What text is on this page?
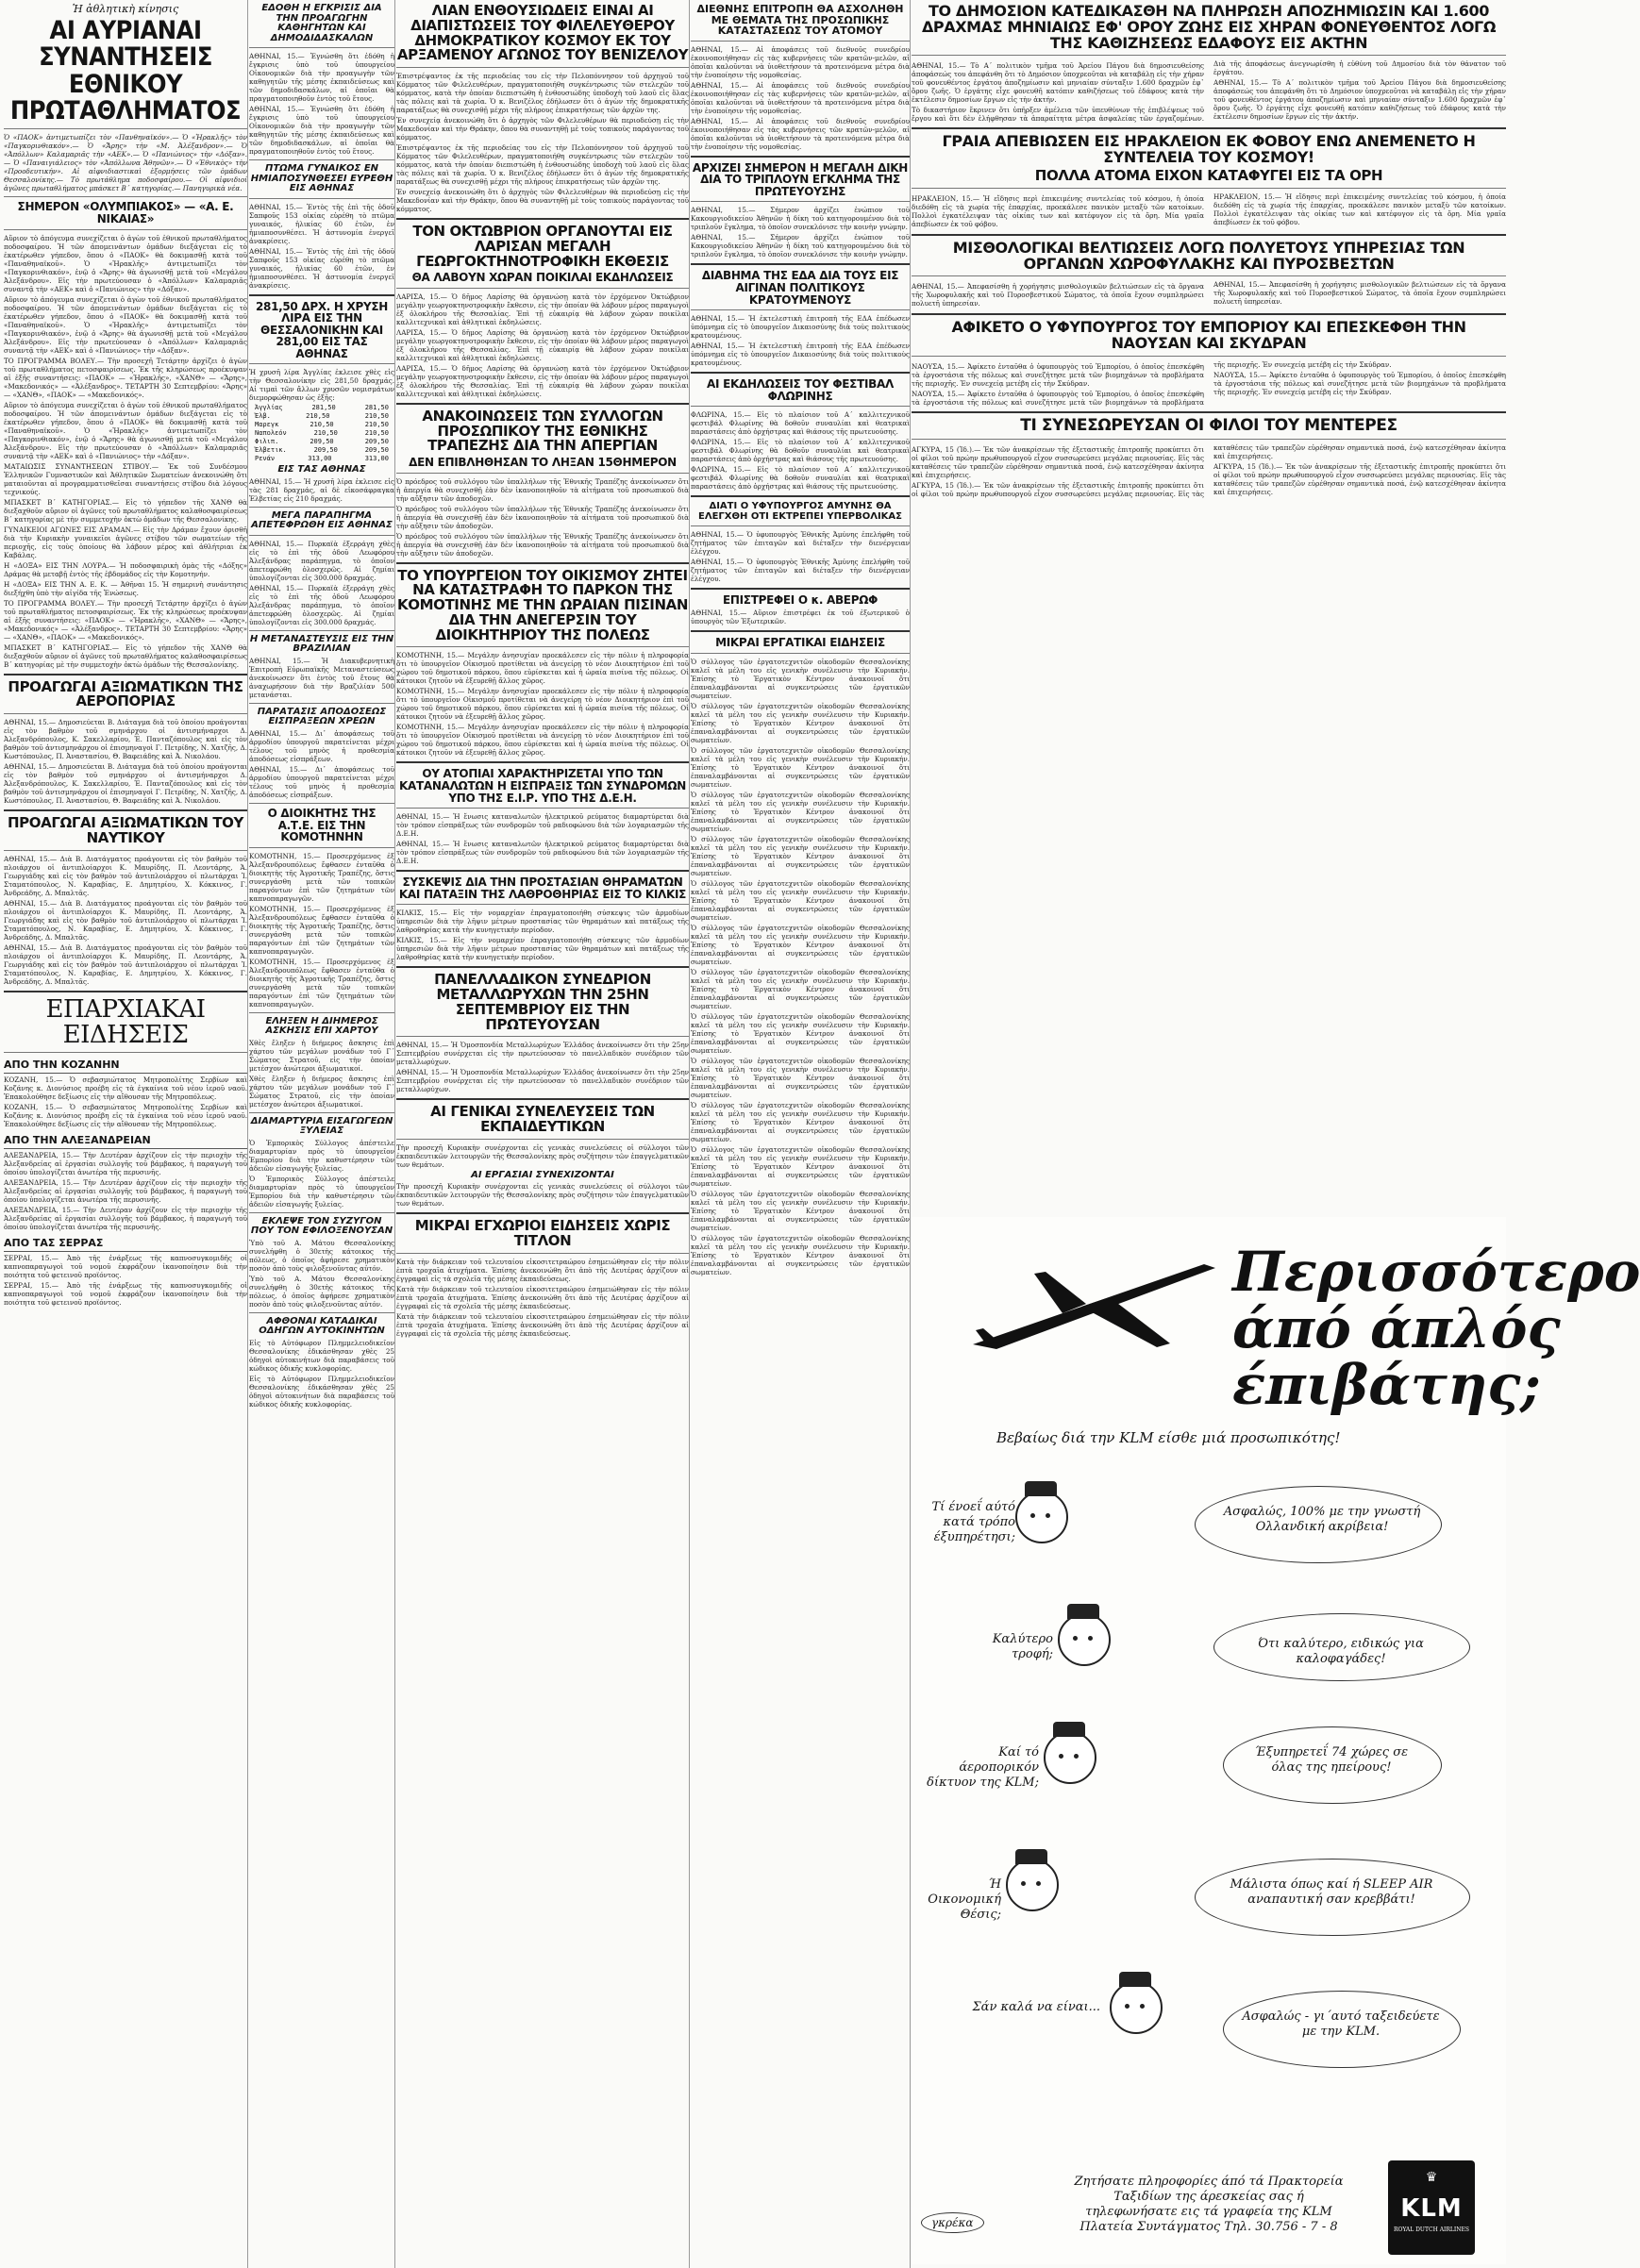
Ἡ ἀθλητικὴ κίνησις
ΑΙ ΑΥΡΙΑΝΑΙ ΣΥΝΑΝΤΗΣΕΙΣ ΕΘΝΙΚΟΥ ΠΡΩΤΑΘΛΗΜΑΤΟΣ

Ὁ «ΠΑΟΚ» ἀντιμετωπίζει τὸν «Πανθηναϊκόν».— Ὁ «Ἡρακλῆς» τὸν «Παγκορινθιακόν».— Ὁ «Ἄρης» τὴν «Μ. Ἀλέξανδρον».— Ὁ «Ἀπόλλων» Καλαμαριᾶς τὴν «ΑΕΚ».— Ὁ «Πανιώνιος» τὴν «Δόξαν».— Ὁ «Παναιγιάλειος» τὸν «Ἀπόλλωνα Ἀθηνῶν».— Ὁ «Ἐθνικὸς» τὴν «Προοδευτικήν». Αἱ αἰφνιδιαστικαὶ ἐξορμήσεις τῶν ὁμάδων Θεσσαλονίκης.— Τὸ πρωτάθλημα ποδοσφαίρου.— Οἱ αἰφνιδιοί ἀγῶνες πρωταθλήματος μπάσκετ Β΄ κατηγορίας.— Πανηγυρικὰ νέα.

ΣΗΜΕΡΟΝ «ΟΛΥΜΠΙΑΚΟΣ» — «Α. Ε. ΝΙΚΑΙΑΣ»

Αὔριον τὸ ἀπόγευμα συνεχίζεται ὁ ἀγὼν τοῦ ἐθνικοῦ πρωταθλήματος ποδοσφαίρου. Ἡ τῶν ἀπομεινάντων ὁμάδων διεξάγεται εἰς τὸ ἐκατέρωθεν γήπεδον, ὅπου ὁ «ΠΑΟΚ» θὰ δοκιμασθῇ κατὰ τοῦ «Παναθηναϊκοῦ». Ὁ «Ἡρακλῆς» ἀντιμετωπίζει τὸν «Παγκορινθιακόν», ἐνῷ ὁ «Ἄρης» θὰ ἀγωνισθῇ μετὰ τοῦ «Μεγάλου Ἀλεξάνδρου». Εἰς τὴν πρωτεύουσαν ὁ «Ἀπόλλων» Καλαμαριᾶς συναντᾷ τὴν «ΑΕΚ» καὶ ὁ «Πανιώνιος» τὴν «Δόξαν».

Αὔριον τὸ ἀπόγευμα συνεχίζεται ὁ ἀγὼν τοῦ ἐθνικοῦ πρωταθλήματος ποδοσφαίρου. Ἡ τῶν ἀπομεινάντων ὁμάδων διεξάγεται εἰς τὸ ἐκατέρωθεν γήπεδον, ὅπου ὁ «ΠΑΟΚ» θὰ δοκιμασθῇ κατὰ τοῦ «Παναθηναϊκοῦ». Ὁ «Ἡρακλῆς» ἀντιμετωπίζει τὸν «Παγκορινθιακόν», ἐνῷ ὁ «Ἄρης» θὰ ἀγωνισθῇ μετὰ τοῦ «Μεγάλου Ἀλεξάνδρου». Εἰς τὴν πρωτεύουσαν ὁ «Ἀπόλλων» Καλαμαριᾶς συναντᾷ τὴν «ΑΕΚ» καὶ ὁ «Πανιώνιος» τὴν «Δόξαν».

ΤΟ ΠΡΟΓΡΑΜΜΑ ΒΟΛΕΥ.— Τὴν προσεχῆ Τετάρτην ἀρχίζει ὁ ἀγὼν τοῦ πρωταθλήματος πετοσφαιρίσεως. Ἐκ τῆς κληρώσεως προέκυψαν αἱ ἑξῆς συναντήσεις: «ΠΑΟΚ» — «Ἡρακλῆς», «ΧΑΝΘ» — «Ἄρης», «Μακεδονικός» — «Ἀλέξανδρος». ΤΕΤΑΡΤΗ 30 Σεπτεμβρίου: «Ἄρης» — «ΧΑΝΘ», «ΠΑΟΚ» — «Μακεδονικός».

Αὔριον τὸ ἀπόγευμα συνεχίζεται ὁ ἀγὼν τοῦ ἐθνικοῦ πρωταθλήματος ποδοσφαίρου. Ἡ τῶν ἀπομεινάντων ὁμάδων διεξάγεται εἰς τὸ ἐκατέρωθεν γήπεδον, ὅπου ὁ «ΠΑΟΚ» θὰ δοκιμασθῇ κατὰ τοῦ «Παναθηναϊκοῦ». Ὁ «Ἡρακλῆς» ἀντιμετωπίζει τὸν «Παγκορινθιακόν», ἐνῷ ὁ «Ἄρης» θὰ ἀγωνισθῇ μετὰ τοῦ «Μεγάλου Ἀλεξάνδρου». Εἰς τὴν πρωτεύουσαν ὁ «Ἀπόλλων» Καλαμαριᾶς συναντᾷ τὴν «ΑΕΚ» καὶ ὁ «Πανιώνιος» τὴν «Δόξαν».

ΜΑΤΑΙΩΣΙΣ ΣΥΝΑΝΤΗΣΕΩΝ ΣΤΙΒΟΥ.— Ἐκ τοῦ Συνδέσμου Ἑλληνικῶν Γυμναστικῶν καὶ Ἀθλητικῶν Σωματείων ἀνεκοινώθη ὅτι ματαιοῦνται αἱ προγραμματισθεῖσαι συναντήσεις στίβου διὰ λόγους τεχνικούς.

ΜΠΑΣΚΕΤ Β΄ ΚΑΤΗΓΟΡΙΑΣ.— Εἰς τὸ γήπεδον τῆς ΧΑΝΘ θὰ διεξαχθοῦν αὔριον οἱ ἀγῶνες τοῦ πρωταθλήματος καλαθοσφαιρίσεως Β΄ κατηγορίας μὲ τὴν συμμετοχὴν ὀκτὼ ὁμάδων τῆς Θεσσαλονίκης.

ΓΥΝΑΙΚΕΙΟΙ ΑΓΩΝΕΣ ΕΙΣ ΔΡΑΜΑΝ.— Εἰς τὴν Δράμαν ἔχουν ὁρισθῆ διὰ τὴν Κυριακὴν γυναικεῖοι ἀγῶνες στίβου τῶν σωματείων τῆς περιοχῆς, εἰς τοὺς ὁποίους θὰ λάβουν μέρος καὶ ἀθλήτριαι ἐκ Καβάλας.

Η «ΔΟΞΑ» ΕΙΣ ΤΗΝ ΛΟΥΡΑ.— Ἡ ποδοσφαιρικὴ ὁμὰς τῆς «Δόξης» Δράμας θὰ μεταβῇ ἐντὸς τῆς ἑβδομάδος εἰς τὴν Κομοτηνήν.

Η «ΔΟΞΑ» ΕΙΣ ΤΗΝ Α. Ε. Κ. — Ἀθῆναι 15. Ἡ σημερινὴ συνάντησις διεξήχθη ὑπὸ τὴν αἰγίδα τῆς Ἑνώσεως.

ΤΟ ΠΡΟΓΡΑΜΜΑ ΒΟΛΕΥ.— Τὴν προσεχῆ Τετάρτην ἀρχίζει ὁ ἀγὼν τοῦ πρωταθλήματος πετοσφαιρίσεως. Ἐκ τῆς κληρώσεως προέκυψαν αἱ ἑξῆς συναντήσεις: «ΠΑΟΚ» — «Ἡρακλῆς», «ΧΑΝΘ» — «Ἄρης», «Μακεδονικός» — «Ἀλέξανδρος». ΤΕΤΑΡΤΗ 30 Σεπτεμβρίου: «Ἄρης» — «ΧΑΝΘ», «ΠΑΟΚ» — «Μακεδονικός».

ΜΠΑΣΚΕΤ Β΄ ΚΑΤΗΓΟΡΙΑΣ.— Εἰς τὸ γήπεδον τῆς ΧΑΝΘ θὰ διεξαχθοῦν αὔριον οἱ ἀγῶνες τοῦ πρωταθλήματος καλαθοσφαιρίσεως Β΄ κατηγορίας μὲ τὴν συμμετοχὴν ὀκτὼ ὁμάδων τῆς Θεσσαλονίκης.

ΠΡΟΑΓΩΓΑΙ ΑΞΙΩΜΑΤΙΚΩΝ ΤΗΣ ΑΕΡΟΠΟΡΙΑΣ

ΑΘΗΝΑΙ, 15.— Δημοσιεύεται Β. Διάταγμα διὰ τοῦ ὁποίου προάγονται εἰς τὸν βαθμὸν τοῦ σμηνάρχου οἱ ἀντισμήναρχοι Δ. Ἀλεξανδρόπουλος, Κ. Σακελλαρίου, Ἐ. Πανταζόπουλος καὶ εἰς τὸν βαθμὸν τοῦ ἀντισμηνάρχου οἱ ἐπισμηναγοὶ Γ. Πετρίδης, Ν. Χατζῆς, Δ. Κωστόπουλος, Π. Ἀναστασίου, Θ. Βαφειάδης καὶ Ἀ. Νικολάου.

ΑΘΗΝΑΙ, 15.— Δημοσιεύεται Β. Διάταγμα διὰ τοῦ ὁποίου προάγονται εἰς τὸν βαθμὸν τοῦ σμηνάρχου οἱ ἀντισμήναρχοι Δ. Ἀλεξανδρόπουλος, Κ. Σακελλαρίου, Ἐ. Πανταζόπουλος καὶ εἰς τὸν βαθμὸν τοῦ ἀντισμηνάρχου οἱ ἐπισμηναγοὶ Γ. Πετρίδης, Ν. Χατζῆς, Δ. Κωστόπουλος, Π. Ἀναστασίου, Θ. Βαφειάδης καὶ Ἀ. Νικολάου.

ΠΡΟΑΓΩΓΑΙ ΑΞΙΩΜΑΤΙΚΩΝ ΤΟΥ ΝΑΥΤΙΚΟΥ

ΑΘΗΝΑΙ, 15.— Διὰ Β. Διατάγματος προάγονται εἰς τὸν βαθμὸν τοῦ πλοιάρχου οἱ ἀντιπλοίαρχοι Κ. Μαυρίδης, Π. Λεοντάρης, Ἀ. Γεωργιάδης καὶ εἰς τὸν βαθμὸν τοῦ ἀντιπλοιάρχου οἱ πλωτάρχαι Ἰ. Σταματόπουλος, Ν. Καραβίας, Ε. Δημητρίου, Χ. Κόκκινος, Γ. Ἀνδρεάδης, Δ. Μπαλτᾶς.

ΑΘΗΝΑΙ, 15.— Διὰ Β. Διατάγματος προάγονται εἰς τὸν βαθμὸν τοῦ πλοιάρχου οἱ ἀντιπλοίαρχοι Κ. Μαυρίδης, Π. Λεοντάρης, Ἀ. Γεωργιάδης καὶ εἰς τὸν βαθμὸν τοῦ ἀντιπλοιάρχου οἱ πλωτάρχαι Ἰ. Σταματόπουλος, Ν. Καραβίας, Ε. Δημητρίου, Χ. Κόκκινος, Γ. Ἀνδρεάδης, Δ. Μπαλτᾶς.

ΑΘΗΝΑΙ, 15.— Διὰ Β. Διατάγματος προάγονται εἰς τὸν βαθμὸν τοῦ πλοιάρχου οἱ ἀντιπλοίαρχοι Κ. Μαυρίδης, Π. Λεοντάρης, Ἀ. Γεωργιάδης καὶ εἰς τὸν βαθμὸν τοῦ ἀντιπλοιάρχου οἱ πλωτάρχαι Ἰ. Σταματόπουλος, Ν. Καραβίας, Ε. Δημητρίου, Χ. Κόκκινος, Γ. Ἀνδρεάδης, Δ. Μπαλτᾶς.

ΕΠΑΡΧΙΑΚΑΙ ΕΙΔΗΣΕΙΣ
ΑΠΟ ΤΗΝ ΚΟΖΑΝΗΝ

ΚΟΖΑΝΗ, 15.— Ὁ σεβασμιώτατος Μητροπολίτης Σερβίων καὶ Κοζάνης κ. Διονύσιος προέβη εἰς τὰ ἐγκαίνια τοῦ νέου ἱεροῦ ναοῦ. Ἐπακολούθησε δεξίωσις εἰς τὴν αἴθουσαν τῆς Μητροπόλεως.

ΚΟΖΑΝΗ, 15.— Ὁ σεβασμιώτατος Μητροπολίτης Σερβίων καὶ Κοζάνης κ. Διονύσιος προέβη εἰς τὰ ἐγκαίνια τοῦ νέου ἱεροῦ ναοῦ. Ἐπακολούθησε δεξίωσις εἰς τὴν αἴθουσαν τῆς Μητροπόλεως.

ΑΠΟ ΤΗΝ ΑΛΕΞΑΝΔΡΕΙΑΝ

ΑΛΕΞΑΝΔΡΕΙΑ, 15.— Τὴν Δευτέραν ἀρχίζουν εἰς τὴν περιοχὴν τῆς Ἀλεξανδρείας αἱ ἐργασίαι συλλογῆς τοῦ βάμβακος, ἡ παραγωγὴ τοῦ ὁποίου ὑπολογίζεται ἀνωτέρα τῆς περυσινῆς.

ΑΛΕΞΑΝΔΡΕΙΑ, 15.— Τὴν Δευτέραν ἀρχίζουν εἰς τὴν περιοχὴν τῆς Ἀλεξανδρείας αἱ ἐργασίαι συλλογῆς τοῦ βάμβακος, ἡ παραγωγὴ τοῦ ὁποίου ὑπολογίζεται ἀνωτέρα τῆς περυσινῆς.

ΑΛΕΞΑΝΔΡΕΙΑ, 15.— Τὴν Δευτέραν ἀρχίζουν εἰς τὴν περιοχὴν τῆς Ἀλεξανδρείας αἱ ἐργασίαι συλλογῆς τοῦ βάμβακος, ἡ παραγωγὴ τοῦ ὁποίου ὑπολογίζεται ἀνωτέρα τῆς περυσινῆς.

ΑΠΟ ΤΑΣ ΣΕΡΡΑΣ

ΣΕΡΡΑΙ, 15.— Ἀπὸ τῆς ἐνάρξεως τῆς καπνοσυγκομιδῆς οἱ καπνοπαραγωγοὶ τοῦ νομοῦ ἐκφράζουν ἱκανοποίησιν διὰ τὴν ποιότητα τοῦ φετεινοῦ προϊόντος.

ΣΕΡΡΑΙ, 15.— Ἀπὸ τῆς ἐνάρξεως τῆς καπνοσυγκομιδῆς οἱ καπνοπαραγωγοὶ τοῦ νομοῦ ἐκφράζουν ἱκανοποίησιν διὰ τὴν ποιότητα τοῦ φετεινοῦ προϊόντος.

ΕΔΟΘΗ Η ΕΓΚΡΙΣΙΣ ΔΙΑ ΤΗΝ ΠΡΟΑΓΩΓΗΝ ΚΑΘΗΓΗΤΩΝ ΚΑΙ ΔΗΜΟΔΙΔΑΣΚΑΛΩΝ

ΑΘΗΝΑΙ, 15.— Ἐγνώσθη ὅτι ἐδόθη ἡ ἔγκρισις ὑπὸ τοῦ ὑπουργείου Οἰκονομικῶν διὰ τὴν προαγωγὴν τῶν καθηγητῶν τῆς μέσης ἐκπαιδεύσεως καὶ τῶν δημοδιδασκάλων, αἱ ὁποῖαι θὰ πραγματοποιηθοῦν ἐντὸς τοῦ ἔτους.

ΑΘΗΝΑΙ, 15.— Ἐγνώσθη ὅτι ἐδόθη ἡ ἔγκρισις ὑπὸ τοῦ ὑπουργείου Οἰκονομικῶν διὰ τὴν προαγωγὴν τῶν καθηγητῶν τῆς μέσης ἐκπαιδεύσεως καὶ τῶν δημοδιδασκάλων, αἱ ὁποῖαι θὰ πραγματοποιηθοῦν ἐντὸς τοῦ ἔτους.

ΠΤΩΜΑ ΓΥΝΑΙΚΟΣ ΕΝ ΗΜΙΑΠΟΣΥΝΘΕΣΕΙ ΕΥΡΕΘΗ ΕΙΣ ΑΘΗΝΑΣ

ΑΘΗΝΑΙ, 15.— Ἐντὸς τῆς ἐπὶ τῆς ὁδοῦ Σαπφοῦς 153 οἰκίας εὑρέθη τὸ πτῶμα γυναικός, ἡλικίας 60 ἐτῶν, ἐν ἡμιαποσυνθέσει. Ἡ ἀστυνομία ἐνεργεῖ ἀνακρίσεις.

ΑΘΗΝΑΙ, 15.— Ἐντὸς τῆς ἐπὶ τῆς ὁδοῦ Σαπφοῦς 153 οἰκίας εὑρέθη τὸ πτῶμα γυναικός, ἡλικίας 60 ἐτῶν, ἐν ἡμιαποσυνθέσει. Ἡ ἀστυνομία ἐνεργεῖ ἀνακρίσεις.

281,50 ΔΡΧ. Η ΧΡΥΣΗ ΛΙΡΑ ΕΙΣ ΤΗΝ ΘΕΣΣΑΛΟΝΙΚΗΝ ΚΑΙ 281,00 ΕΙΣ ΤΑΣ ΑΘΗΝΑΣ

Ἡ χρυσῆ λίρα Ἀγγλίας ἐκλεισε χθὲς εἰς τὴν Θεσσαλονίκην εἰς 281,50 δραχμάς. Αἱ τιμαὶ τῶν ἄλλων χρυσῶν νομισμάτων διεμορφώθησαν ὡς ἑξῆς:

Ἀγγλίας	281,50	281,50
Ἐλβ.	210,50	210,50
Μαρεγκ	210,50	210,50
Ναπολεόν	210,50	210,50
Φιλιπ.	209,50	209,50
Ἑλβετικ.	209,50	209,50
Ρενάν	313,00	313,00
ΕΙΣ ΤΑΣ ΑΘΗΝΑΣ

ΑΘΗΝΑΙ, 15.— Ἡ χρυσῆ λίρα ἐκλεισε εἰς τὰς 281 δραχμάς, αἱ δὲ εἰκοσάφραγκα Ἑλβετίας εἰς 210 δραχμάς.

ΜΕΓΑ ΠΑΡΑΠΗΓΜΑ ΑΠΕΤΕΦΡΩΘΗ ΕΙΣ ΑΘΗΝΑΣ

ΑΘΗΝΑΙ, 15.— Πυρκαϊὰ ἐξερράγη χθὲς εἰς τὸ ἐπὶ τῆς ὁδοῦ Λεωφόρου Ἀλεξάνδρας παράπηγμα, τὸ ὁποῖον ἀπετεφρώθη ὁλοσχερῶς. Αἱ ζημίαι ὑπολογίζονται εἰς 300.000 δραχμάς.

ΑΘΗΝΑΙ, 15.— Πυρκαϊὰ ἐξερράγη χθὲς εἰς τὸ ἐπὶ τῆς ὁδοῦ Λεωφόρου Ἀλεξάνδρας παράπηγμα, τὸ ὁποῖον ἀπετεφρώθη ὁλοσχερῶς. Αἱ ζημίαι ὑπολογίζονται εἰς 300.000 δραχμάς.

Η ΜΕΤΑΝΑΣΤΕΥΣΙΣ ΕΙΣ ΤΗΝ ΒΡΑΖΙΛΙΑΝ

ΑΘΗΝΑΙ, 15.— Ἡ Διακυβερνητικὴ Ἐπιτροπὴ Εὐρωπαϊκῆς Μεταναστεύσεως ἀνεκοίνωσεν ὅτι ἐντὸς τοῦ ἔτους θὰ ἀναχωρήσουν διὰ τὴν Βραζιλίαν 500 μετανάσται.

ΠΑΡΑΤΑΣΙΣ ΑΠΟΔΟΣΕΩΣ ΕΙΣΠΡΑΞΕΩΝ ΧΡΕΩΝ

ΑΘΗΝΑΙ, 15.— Δι᾽ ἀποφάσεως τοῦ ἁρμοδίου ὑπουργοῦ παρατείνεται μέχρι τέλους τοῦ μηνὸς ἡ προθεσμία ἀποδόσεως εἰσπράξεων.

ΑΘΗΝΑΙ, 15.— Δι᾽ ἀποφάσεως τοῦ ἁρμοδίου ὑπουργοῦ παρατείνεται μέχρι τέλους τοῦ μηνὸς ἡ προθεσμία ἀποδόσεως εἰσπράξεων.

Ο ΔΙΟΙΚΗΤΗΣ ΤΗΣ Α.Τ.Ε. ΕΙΣ ΤΗΝ ΚΟΜΟΤΗΝΗΝ

ΚΟΜΟΤΗΝΗ, 15.— Προσερχόμενος ἐξ Ἀλεξανδρουπόλεως ἔφθασεν ἐνταῦθα ὁ διοικητὴς τῆς Ἀγροτικῆς Τραπέζης, ὅστις συνεργάσθη μετὰ τῶν τοπικῶν παραγόντων ἐπὶ τῶν ζητημάτων τῶν καπνοπαραγωγῶν.

ΚΟΜΟΤΗΝΗ, 15.— Προσερχόμενος ἐξ Ἀλεξανδρουπόλεως ἔφθασεν ἐνταῦθα ὁ διοικητὴς τῆς Ἀγροτικῆς Τραπέζης, ὅστις συνεργάσθη μετὰ τῶν τοπικῶν παραγόντων ἐπὶ τῶν ζητημάτων τῶν καπνοπαραγωγῶν.

ΚΟΜΟΤΗΝΗ, 15.— Προσερχόμενος ἐξ Ἀλεξανδρουπόλεως ἔφθασεν ἐνταῦθα ὁ διοικητὴς τῆς Ἀγροτικῆς Τραπέζης, ὅστις συνεργάσθη μετὰ τῶν τοπικῶν παραγόντων ἐπὶ τῶν ζητημάτων τῶν καπνοπαραγωγῶν.

ΕΛΗΞΕΝ Η ΔΙΗΜΕΡΟΣ ΑΣΚΗΣΙΣ ΕΠΙ ΧΑΡΤΟΥ

Χθὲς ἔληξεν ἡ διήμερος ἄσκησις ἐπὶ χάρτου τῶν μεγάλων μονάδων τοῦ Γ΄ Σώματος Στρατοῦ, εἰς τὴν ὁποίαν μετέσχον ἀνώτεροι ἀξιωματικοί.

Χθὲς ἔληξεν ἡ διήμερος ἄσκησις ἐπὶ χάρτου τῶν μεγάλων μονάδων τοῦ Γ΄ Σώματος Στρατοῦ, εἰς τὴν ὁποίαν μετέσχον ἀνώτεροι ἀξιωματικοί.

ΔΙΑΜΑΡΤΥΡΙΑ ΕΙΣΑΓΩΓΕΩΝ ΞΥΛΕΙΑΣ

Ὁ Ἐμπορικὸς Σύλλογος ἀπέστειλε διαμαρτυρίαν πρὸς τὸ ὑπουργεῖον Ἐμπορίου διὰ τὴν καθυστέρησιν τῶν ἀδειῶν εἰσαγωγῆς ξυλείας.

Ὁ Ἐμπορικὸς Σύλλογος ἀπέστειλε διαμαρτυρίαν πρὸς τὸ ὑπουργεῖον Ἐμπορίου διὰ τὴν καθυστέρησιν τῶν ἀδειῶν εἰσαγωγῆς ξυλείας.

ΕΚΛΕΨΕ ΤΟΝ ΣΥΖΥΓΟΝ ΠΟΥ ΤΟΝ ΕΦΙΛΟΞΕΝΟΥΣΑΝ

Ὑπὸ τοῦ Α. Μάτου Θεσσαλονίκης συνελήφθη ὁ 30ετὴς κάτοικος τῆς πόλεως, ὁ ὁποῖος ἀφήρεσε χρηματικὸν ποσὸν ἀπὸ τοὺς φιλοξενοῦντας αὐτόν.

Ὑπὸ τοῦ Α. Μάτου Θεσσαλονίκης συνελήφθη ὁ 30ετὴς κάτοικος τῆς πόλεως, ὁ ὁποῖος ἀφήρεσε χρηματικὸν ποσὸν ἀπὸ τοὺς φιλοξενοῦντας αὐτόν.

ΑΦΘΟΝΑΙ ΚΑΤΑΔΙΚΑΙ ΟΔΗΓΩΝ ΑΥΤΟΚΙΝΗΤΩΝ

Εἰς τὸ Αὐτόφωρον Πλημμελειοδικεῖον Θεσσαλονίκης ἐδικάσθησαν χθὲς 25 ὁδηγοὶ αὐτοκινήτων διὰ παραβάσεις τοῦ κώδικος ὁδικῆς κυκλοφορίας.

Εἰς τὸ Αὐτόφωρον Πλημμελειοδικεῖον Θεσσαλονίκης ἐδικάσθησαν χθὲς 25 ὁδηγοὶ αὐτοκινήτων διὰ παραβάσεις τοῦ κώδικος ὁδικῆς κυκλοφορίας.

ΛΙΑΝ ΕΝΘΟΥΣΙΩΔΕΙΣ ΕΙΝΑΙ ΑΙ ΔΙΑΠΙΣΤΩΣΕΙΣ ΤΟΥ ΦΙΛΕΛΕΥΘΕΡΟΥ ΔΗΜΟΚΡΑΤΙΚΟΥ ΚΟΣΜΟΥ ΕΚ ΤΟΥ ΑΡΞΑΜΕΝΟΥ ΑΓΩΝΟΣ ΤΟΥ ΒΕΝΙΖΕΛΟΥ

Ἐπιστρέψαντος ἐκ τῆς περιοδείας του εἰς τὴν Πελοπόννησον τοῦ ἀρχηγοῦ τοῦ Κόμματος τῶν Φιλελευθέρων, πραγματοποιήθη συγκέντρωσις τῶν στελεχῶν τοῦ κόμματος, κατὰ τὴν ὁποίαν διεπιστώθη ἡ ἐνθουσιώδης ὑποδοχὴ τοῦ λαοῦ εἰς ὅλας τὰς πόλεις καὶ τὰ χωρία. Ὁ κ. Βενιζέλος ἐδήλωσεν ὅτι ὁ ἀγὼν τῆς δημοκρατικῆς παρατάξεως θὰ συνεχισθῇ μέχρι τῆς πλήρους ἐπικρατήσεως τῶν ἀρχῶν της.

Ἐν συνεχείᾳ ἀνεκοινώθη ὅτι ὁ ἀρχηγὸς τῶν Φιλελευθέρων θὰ περιοδεύσῃ εἰς τὴν Μακεδονίαν καὶ τὴν Θράκην, ὅπου θὰ συναντηθῇ μὲ τοὺς τοπικοὺς παράγοντας τοῦ κόμματος.

Ἐπιστρέψαντος ἐκ τῆς περιοδείας του εἰς τὴν Πελοπόννησον τοῦ ἀρχηγοῦ τοῦ Κόμματος τῶν Φιλελευθέρων, πραγματοποιήθη συγκέντρωσις τῶν στελεχῶν τοῦ κόμματος, κατὰ τὴν ὁποίαν διεπιστώθη ἡ ἐνθουσιώδης ὑποδοχὴ τοῦ λαοῦ εἰς ὅλας τὰς πόλεις καὶ τὰ χωρία. Ὁ κ. Βενιζέλος ἐδήλωσεν ὅτι ὁ ἀγὼν τῆς δημοκρατικῆς παρατάξεως θὰ συνεχισθῇ μέχρι τῆς πλήρους ἐπικρατήσεως τῶν ἀρχῶν της.

Ἐν συνεχείᾳ ἀνεκοινώθη ὅτι ὁ ἀρχηγὸς τῶν Φιλελευθέρων θὰ περιοδεύσῃ εἰς τὴν Μακεδονίαν καὶ τὴν Θράκην, ὅπου θὰ συναντηθῇ μὲ τοὺς τοπικοὺς παράγοντας τοῦ κόμματος.

ΤΟΝ ΟΚΤΩΒΡΙΟΝ ΟΡΓΑΝΟΥΤΑΙ ΕΙΣ ΛΑΡΙΣΑΝ ΜΕΓΑΛΗ ΓΕΩΡΓΟΚΤΗΝΟΤΡΟΦΙΚΗ ΕΚΘΕΣΙΣ
ΘΑ ΛΑΒΟΥΝ ΧΩΡΑΝ ΠΟΙΚΙΛΑΙ ΕΚΔΗΛΩΣΕΙΣ

ΛΑΡΙΣΑ, 15.— Ὁ δῆμος Λαρίσης θὰ ὀργανώσῃ κατὰ τὸν ἐρχόμενον Ὀκτώβριον μεγάλην γεωργοκτηνοτροφικὴν ἔκθεσιν, εἰς τὴν ὁποίαν θὰ λάβουν μέρος παραγωγοὶ ἐξ ὁλοκλήρου τῆς Θεσσαλίας. Ἐπὶ τῇ εὐκαιρίᾳ θὰ λάβουν χώραν ποικίλαι καλλιτεχνικαὶ καὶ ἀθλητικαὶ ἐκδηλώσεις.

ΛΑΡΙΣΑ, 15.— Ὁ δῆμος Λαρίσης θὰ ὀργανώσῃ κατὰ τὸν ἐρχόμενον Ὀκτώβριον μεγάλην γεωργοκτηνοτροφικὴν ἔκθεσιν, εἰς τὴν ὁποίαν θὰ λάβουν μέρος παραγωγοὶ ἐξ ὁλοκλήρου τῆς Θεσσαλίας. Ἐπὶ τῇ εὐκαιρίᾳ θὰ λάβουν χώραν ποικίλαι καλλιτεχνικαὶ καὶ ἀθλητικαὶ ἐκδηλώσεις.

ΛΑΡΙΣΑ, 15.— Ὁ δῆμος Λαρίσης θὰ ὀργανώσῃ κατὰ τὸν ἐρχόμενον Ὀκτώβριον μεγάλην γεωργοκτηνοτροφικὴν ἔκθεσιν, εἰς τὴν ὁποίαν θὰ λάβουν μέρος παραγωγοὶ ἐξ ὁλοκλήρου τῆς Θεσσαλίας. Ἐπὶ τῇ εὐκαιρίᾳ θὰ λάβουν χώραν ποικίλαι καλλιτεχνικαὶ καὶ ἀθλητικαὶ ἐκδηλώσεις.

ΑΝΑΚΟΙΝΩΣΕΙΣ ΤΩΝ ΣΥΛΛΟΓΩΝ ΠΡΟΣΩΠΙΚΟΥ ΤΗΣ ΕΘΝΙΚΗΣ ΤΡΑΠΕΖΗΣ ΔΙΑ ΤΗΝ ΑΠΕΡΓΙΑΝ
ΔΕΝ ΕΠΙΒΛΗΘΗΣΑΝ ΤΟ ΛΗΞΑΝ 15ΘΗΜΕΡΟΝ

Ὁ πρόεδρος τοῦ συλλόγου τῶν ὑπαλλήλων τῆς Ἐθνικῆς Τραπέζης ἀνεκοίνωσεν ὅτι ἡ ἀπεργία θὰ συνεχισθῇ ἐὰν δὲν ἱκανοποιηθοῦν τὰ αἰτήματα τοῦ προσωπικοῦ διὰ τὴν αὔξησιν τῶν ἀποδοχῶν.

Ὁ πρόεδρος τοῦ συλλόγου τῶν ὑπαλλήλων τῆς Ἐθνικῆς Τραπέζης ἀνεκοίνωσεν ὅτι ἡ ἀπεργία θὰ συνεχισθῇ ἐὰν δὲν ἱκανοποιηθοῦν τὰ αἰτήματα τοῦ προσωπικοῦ διὰ τὴν αὔξησιν τῶν ἀποδοχῶν.

Ὁ πρόεδρος τοῦ συλλόγου τῶν ὑπαλλήλων τῆς Ἐθνικῆς Τραπέζης ἀνεκοίνωσεν ὅτι ἡ ἀπεργία θὰ συνεχισθῇ ἐὰν δὲν ἱκανοποιηθοῦν τὰ αἰτήματα τοῦ προσωπικοῦ διὰ τὴν αὔξησιν τῶν ἀποδοχῶν.

ΤΟ ΥΠΟΥΡΓΕΙΟΝ ΤΟΥ ΟΙΚΙΣΜΟΥ ΖΗΤΕΙ ΝΑ ΚΑΤΑΣΤΡΑΦΗ ΤΟ ΠΑΡΚΟΝ ΤΗΣ ΚΟΜΟΤΙΝΗΣ ΜΕ ΤΗΝ ΩΡΑΙΑΝ ΠΙΣΙΝΑΝ ΔΙΑ ΤΗΝ ΑΝΕΓΕΡΣΙΝ ΤΟΥ ΔΙΟΙΚΗΤΗΡΙΟΥ ΤΗΣ ΠΟΛΕΩΣ

ΚΟΜΟΤΗΝΗ, 15.— Μεγάλην ἀνησυχίαν προεκάλεσεν εἰς τὴν πόλιν ἡ πληροφορία ὅτι τὸ ὑπουργεῖον Οἰκισμοῦ προτίθεται νὰ ἀνεγείρῃ τὸ νέον Διοικητήριον ἐπὶ τοῦ χώρου τοῦ δημοτικοῦ πάρκου, ὅπου εὑρίσκεται καὶ ἡ ὡραία πισίνα τῆς πόλεως. Οἱ κάτοικοι ζητοῦν νὰ ἐξευρεθῇ ἄλλος χῶρος.

ΚΟΜΟΤΗΝΗ, 15.— Μεγάλην ἀνησυχίαν προεκάλεσεν εἰς τὴν πόλιν ἡ πληροφορία ὅτι τὸ ὑπουργεῖον Οἰκισμοῦ προτίθεται νὰ ἀνεγείρῃ τὸ νέον Διοικητήριον ἐπὶ τοῦ χώρου τοῦ δημοτικοῦ πάρκου, ὅπου εὑρίσκεται καὶ ἡ ὡραία πισίνα τῆς πόλεως. Οἱ κάτοικοι ζητοῦν νὰ ἐξευρεθῇ ἄλλος χῶρος.

ΚΟΜΟΤΗΝΗ, 15.— Μεγάλην ἀνησυχίαν προεκάλεσεν εἰς τὴν πόλιν ἡ πληροφορία ὅτι τὸ ὑπουργεῖον Οἰκισμοῦ προτίθεται νὰ ἀνεγείρῃ τὸ νέον Διοικητήριον ἐπὶ τοῦ χώρου τοῦ δημοτικοῦ πάρκου, ὅπου εὑρίσκεται καὶ ἡ ὡραία πισίνα τῆς πόλεως. Οἱ κάτοικοι ζητοῦν νὰ ἐξευρεθῇ ἄλλος χῶρος.

ΟΥ ΑΤΟΠΙΑΙ ΧΑΡΑΚΤΗΡΙΖΕΤΑΙ ΥΠΟ ΤΩΝ ΚΑΤΑΝΑΛΩΤΩΝ Η ΕΙΣΠΡΑΞΙΣ ΤΩΝ ΣΥΝΔΡΟΜΩΝ ΥΠΟ ΤΗΣ Ε.Ι.Ρ. ΥΠΟ ΤΗΣ Δ.Ε.Η.

ΑΘΗΝΑΙ, 15.— Ἡ ἔνωσις καταναλωτῶν ἠλεκτρικοῦ ρεύματος διαμαρτύρεται διὰ τὸν τρόπον εἰσπράξεως τῶν συνδρομῶν τοῦ ραδιοφώνου διὰ τῶν λογαριασμῶν τῆς Δ.Ε.Η.

ΑΘΗΝΑΙ, 15.— Ἡ ἔνωσις καταναλωτῶν ἠλεκτρικοῦ ρεύματος διαμαρτύρεται διὰ τὸν τρόπον εἰσπράξεως τῶν συνδρομῶν τοῦ ραδιοφώνου διὰ τῶν λογαριασμῶν τῆς Δ.Ε.Η.

ΣΥΣΚΕΨΙΣ ΔΙΑ ΤΗΝ ΠΡΟΣΤΑΣΙΑΝ ΘΗΡΑΜΑΤΩΝ ΚΑΙ ΠΑΤΑΞΙΝ ΤΗΣ ΛΑΘΡΟΘΗΡΙΑΣ ΕΙΣ ΤΟ ΚΙΛΚΙΣ

ΚΙΛΚΙΣ, 15.— Εἰς τὴν νομαρχίαν ἐπραγματοποιήθη σύσκεψις τῶν ἁρμοδίων ὑπηρεσιῶν διὰ τὴν λῆψιν μέτρων προστασίας τῶν θηραμάτων καὶ πατάξεως τῆς λαθροθηρίας κατὰ τὴν κυνηγετικὴν περίοδον.

ΚΙΛΚΙΣ, 15.— Εἰς τὴν νομαρχίαν ἐπραγματοποιήθη σύσκεψις τῶν ἁρμοδίων ὑπηρεσιῶν διὰ τὴν λῆψιν μέτρων προστασίας τῶν θηραμάτων καὶ πατάξεως τῆς λαθροθηρίας κατὰ τὴν κυνηγετικὴν περίοδον.

ΠΑΝΕΛΛΑΔΙΚΟΝ ΣΥΝΕΔΡΙΟΝ ΜΕΤΑΛΛΩΡΥΧΩΝ ΤΗΝ 25ΗΝ ΣΕΠΤΕΜΒΡΙΟΥ ΕΙΣ ΤΗΝ ΠΡΩΤΕΥΟΥΣΑΝ

ΑΘΗΝΑΙ, 15.— Ἡ Ὁμοσπονδία Μεταλλωρύχων Ἑλλάδος ἀνεκοίνωσεν ὅτι τὴν 25ην Σεπτεμβρίου συνέρχεται εἰς τὴν πρωτεύουσαν τὸ πανελλαδικὸν συνέδριον τῶν μεταλλωρύχων.

ΑΘΗΝΑΙ, 15.— Ἡ Ὁμοσπονδία Μεταλλωρύχων Ἑλλάδος ἀνεκοίνωσεν ὅτι τὴν 25ην Σεπτεμβρίου συνέρχεται εἰς τὴν πρωτεύουσαν τὸ πανελλαδικὸν συνέδριον τῶν μεταλλωρύχων.

ΑΙ ΓΕΝΙΚΑΙ ΣΥΝΕΛΕΥΣΕΙΣ ΤΩΝ ΕΚΠΑΙΔΕΥΤΙΚΩΝ

Τὴν προσεχῆ Κυριακὴν συνέρχονται εἰς γενικὰς συνελεύσεις οἱ σύλλογοι τῶν ἐκπαιδευτικῶν λειτουργῶν τῆς Θεσσαλονίκης πρὸς συζήτησιν τῶν ἐπαγγελματικῶν των θεμάτων.

ΑΙ ΕΡΓΑΣΙΑΙ ΣΥΝΕΧΙΖΟΝΤΑΙ

Τὴν προσεχῆ Κυριακὴν συνέρχονται εἰς γενικὰς συνελεύσεις οἱ σύλλογοι τῶν ἐκπαιδευτικῶν λειτουργῶν τῆς Θεσσαλονίκης πρὸς συζήτησιν τῶν ἐπαγγελματικῶν των θεμάτων.

ΜΙΚΡΑΙ ΕΓΧΩΡΙΟΙ ΕΙΔΗΣΕΙΣ ΧΩΡΙΣ ΤΙΤΛΟΝ

Κατὰ τὴν διάρκειαν τοῦ τελευταίου εἰκοσιτετραώρου ἐσημειώθησαν εἰς τὴν πόλιν ἑπτὰ τροχαῖα ἀτυχήματα. Ἐπίσης ἀνεκοινώθη ὅτι ἀπὸ τῆς Δευτέρας ἀρχίζουν αἱ ἐγγραφαὶ εἰς τὰ σχολεῖα τῆς μέσης ἐκπαιδεύσεως.

Κατὰ τὴν διάρκειαν τοῦ τελευταίου εἰκοσιτετραώρου ἐσημειώθησαν εἰς τὴν πόλιν ἑπτὰ τροχαῖα ἀτυχήματα. Ἐπίσης ἀνεκοινώθη ὅτι ἀπὸ τῆς Δευτέρας ἀρχίζουν αἱ ἐγγραφαὶ εἰς τὰ σχολεῖα τῆς μέσης ἐκπαιδεύσεως.

Κατὰ τὴν διάρκειαν τοῦ τελευταίου εἰκοσιτετραώρου ἐσημειώθησαν εἰς τὴν πόλιν ἑπτὰ τροχαῖα ἀτυχήματα. Ἐπίσης ἀνεκοινώθη ὅτι ἀπὸ τῆς Δευτέρας ἀρχίζουν αἱ ἐγγραφαὶ εἰς τὰ σχολεῖα τῆς μέσης ἐκπαιδεύσεως.

ΔΙΕΘΝΗΣ ΕΠΙΤΡΟΠΗ ΘΑ ΑΣΧΟΛΗΘΗ ΜΕ ΘΕΜΑΤΑ ΤΗΣ ΠΡΟΣΩΠΙΚΗΣ ΚΑΤΑΣΤΑΣΕΩΣ ΤΟΥ ΑΤΟΜΟΥ

ΑΘΗΝΑΙ, 15.— Αἱ ἀποφάσεις τοῦ διεθνοῦς συνεδρίου ἐκοινοποιήθησαν εἰς τὰς κυβερνήσεις τῶν κρατῶν-μελῶν, αἱ ὁποῖαι καλοῦνται νὰ ὑιοθετήσουν τὰ προτεινόμενα μέτρα διὰ τὴν ἐνοποίησιν τῆς νομοθεσίας.

ΑΘΗΝΑΙ, 15.— Αἱ ἀποφάσεις τοῦ διεθνοῦς συνεδρίου ἐκοινοποιήθησαν εἰς τὰς κυβερνήσεις τῶν κρατῶν-μελῶν, αἱ ὁποῖαι καλοῦνται νὰ ὑιοθετήσουν τὰ προτεινόμενα μέτρα διὰ τὴν ἐνοποίησιν τῆς νομοθεσίας.

ΑΘΗΝΑΙ, 15.— Αἱ ἀποφάσεις τοῦ διεθνοῦς συνεδρίου ἐκοινοποιήθησαν εἰς τὰς κυβερνήσεις τῶν κρατῶν-μελῶν, αἱ ὁποῖαι καλοῦνται νὰ ὑιοθετήσουν τὰ προτεινόμενα μέτρα διὰ τὴν ἐνοποίησιν τῆς νομοθεσίας.

ΑΡΧΙΖΕΙ ΣΗΜΕΡΟΝ Η ΜΕΓΑΛΗ ΔΙΚΗ ΔΙΑ ΤΟ ΤΡΙΠΛΟΥΝ ΕΓΚΛΗΜΑ ΤΗΣ ΠΡΩΤΕΥΟΥΣΗΣ

ΑΘΗΝΑΙ, 15.— Σήμερον ἀρχίζει ἐνώπιον τοῦ Κακουργιοδικείου Ἀθηνῶν ἡ δίκη τοῦ κατηγορουμένου διὰ τὸ τριπλοῦν ἔγκλημα, τὸ ὁποῖον συνεκλόνισε τὴν κοινὴν γνώμην.

ΑΘΗΝΑΙ, 15.— Σήμερον ἀρχίζει ἐνώπιον τοῦ Κακουργιοδικείου Ἀθηνῶν ἡ δίκη τοῦ κατηγορουμένου διὰ τὸ τριπλοῦν ἔγκλημα, τὸ ὁποῖον συνεκλόνισε τὴν κοινὴν γνώμην.

ΔΙΑΒΗΜΑ ΤΗΣ ΕΔΑ ΔΙΑ ΤΟΥΣ ΕΙΣ ΑΙΓΙΝΑΝ ΠΟΛΙΤΙΚΟΥΣ ΚΡΑΤΟΥΜΕΝΟΥΣ

ΑΘΗΝΑΙ, 15.— Ἡ ἐκτελεστικὴ ἐπιτροπὴ τῆς ΕΔΑ ἐπέδωσεν ὑπόμνημα εἰς τὸ ὑπουργεῖον Δικαιοσύνης διὰ τοὺς πολιτικοὺς κρατουμένους.

ΑΘΗΝΑΙ, 15.— Ἡ ἐκτελεστικὴ ἐπιτροπὴ τῆς ΕΔΑ ἐπέδωσεν ὑπόμνημα εἰς τὸ ὑπουργεῖον Δικαιοσύνης διὰ τοὺς πολιτικοὺς κρατουμένους.

ΑΙ ΕΚΔΗΛΩΣΕΙΣ ΤΟΥ ΦΕΣΤΙΒΑΛ ΦΛΩΡΙΝΗΣ

ΦΛΩΡΙΝΑ, 15.— Εἰς τὸ πλαίσιον τοῦ Α΄ καλλιτεχνικοῦ φεστιβάλ Φλωρίνης θὰ δοθοῦν συναυλίαι καὶ θεατρικαὶ παραστάσεις ἀπὸ ὀρχήστρας καὶ θιάσους τῆς πρωτευούσης.

ΦΛΩΡΙΝΑ, 15.— Εἰς τὸ πλαίσιον τοῦ Α΄ καλλιτεχνικοῦ φεστιβάλ Φλωρίνης θὰ δοθοῦν συναυλίαι καὶ θεατρικαὶ παραστάσεις ἀπὸ ὀρχήστρας καὶ θιάσους τῆς πρωτευούσης.

ΦΛΩΡΙΝΑ, 15.— Εἰς τὸ πλαίσιον τοῦ Α΄ καλλιτεχνικοῦ φεστιβάλ Φλωρίνης θὰ δοθοῦν συναυλίαι καὶ θεατρικαὶ παραστάσεις ἀπὸ ὀρχήστρας καὶ θιάσους τῆς πρωτευούσης.

ΔΙΑΤΙ Ο ΥΦΥΠΟΥΡΓΟΣ ΑΜΥΝΗΣ ΘΑ ΕΛΕΓΧΘΗ ΟΤΙ ΕΚΤΡΕΠΕΙ ΥΠΕΡΒΟΛΙΚΑΣ

ΑΘΗΝΑΙ, 15.— Ὁ ὑφυπουργὸς Ἐθνικῆς Ἀμύνης ἐπελήφθη τοῦ ζητήματος τῶν ἐπιταγῶν καὶ διέταξεν τὴν διενέργειαν ἐλέγχου.

ΑΘΗΝΑΙ, 15.— Ὁ ὑφυπουργὸς Ἐθνικῆς Ἀμύνης ἐπελήφθη τοῦ ζητήματος τῶν ἐπιταγῶν καὶ διέταξεν τὴν διενέργειαν ἐλέγχου.

ΕΠΙΣΤΡΕΦΕΙ Ο κ. ΑΒΕΡΩΦ

ΑΘΗΝΑΙ, 15.— Αὔριον ἐπιστρέφει ἐκ τοῦ ἐξωτερικοῦ ὁ ὑπουργὸς τῶν Ἐξωτερικῶν.

ΜΙΚΡΑΙ ΕΡΓΑΤΙΚΑΙ ΕΙΔΗΣΕΙΣ

Ὁ σύλλογος τῶν ἐργατοτεχνιτῶν οἰκοδομῶν Θεσσαλονίκης καλεῖ τὰ μέλη του εἰς γενικὴν συνέλευσιν τὴν Κυριακήν. Ἐπίσης τὸ Ἐργατικὸν Κέντρον ἀνακοινοῖ ὅτι ἐπαναλαμβάνονται αἱ συγκεντρώσεις τῶν ἐργατικῶν σωματείων.

Ὁ σύλλογος τῶν ἐργατοτεχνιτῶν οἰκοδομῶν Θεσσαλονίκης καλεῖ τὰ μέλη του εἰς γενικὴν συνέλευσιν τὴν Κυριακήν. Ἐπίσης τὸ Ἐργατικὸν Κέντρον ἀνακοινοῖ ὅτι ἐπαναλαμβάνονται αἱ συγκεντρώσεις τῶν ἐργατικῶν σωματείων.

Ὁ σύλλογος τῶν ἐργατοτεχνιτῶν οἰκοδομῶν Θεσσαλονίκης καλεῖ τὰ μέλη του εἰς γενικὴν συνέλευσιν τὴν Κυριακήν. Ἐπίσης τὸ Ἐργατικὸν Κέντρον ἀνακοινοῖ ὅτι ἐπαναλαμβάνονται αἱ συγκεντρώσεις τῶν ἐργατικῶν σωματείων.

Ὁ σύλλογος τῶν ἐργατοτεχνιτῶν οἰκοδομῶν Θεσσαλονίκης καλεῖ τὰ μέλη του εἰς γενικὴν συνέλευσιν τὴν Κυριακήν. Ἐπίσης τὸ Ἐργατικὸν Κέντρον ἀνακοινοῖ ὅτι ἐπαναλαμβάνονται αἱ συγκεντρώσεις τῶν ἐργατικῶν σωματείων.

Ὁ σύλλογος τῶν ἐργατοτεχνιτῶν οἰκοδομῶν Θεσσαλονίκης καλεῖ τὰ μέλη του εἰς γενικὴν συνέλευσιν τὴν Κυριακήν. Ἐπίσης τὸ Ἐργατικὸν Κέντρον ἀνακοινοῖ ὅτι ἐπαναλαμβάνονται αἱ συγκεντρώσεις τῶν ἐργατικῶν σωματείων.

Ὁ σύλλογος τῶν ἐργατοτεχνιτῶν οἰκοδομῶν Θεσσαλονίκης καλεῖ τὰ μέλη του εἰς γενικὴν συνέλευσιν τὴν Κυριακήν. Ἐπίσης τὸ Ἐργατικὸν Κέντρον ἀνακοινοῖ ὅτι ἐπαναλαμβάνονται αἱ συγκεντρώσεις τῶν ἐργατικῶν σωματείων.

Ὁ σύλλογος τῶν ἐργατοτεχνιτῶν οἰκοδομῶν Θεσσαλονίκης καλεῖ τὰ μέλη του εἰς γενικὴν συνέλευσιν τὴν Κυριακήν. Ἐπίσης τὸ Ἐργατικὸν Κέντρον ἀνακοινοῖ ὅτι ἐπαναλαμβάνονται αἱ συγκεντρώσεις τῶν ἐργατικῶν σωματείων.

Ὁ σύλλογος τῶν ἐργατοτεχνιτῶν οἰκοδομῶν Θεσσαλονίκης καλεῖ τὰ μέλη του εἰς γενικὴν συνέλευσιν τὴν Κυριακήν. Ἐπίσης τὸ Ἐργατικὸν Κέντρον ἀνακοινοῖ ὅτι ἐπαναλαμβάνονται αἱ συγκεντρώσεις τῶν ἐργατικῶν σωματείων.

Ὁ σύλλογος τῶν ἐργατοτεχνιτῶν οἰκοδομῶν Θεσσαλονίκης καλεῖ τὰ μέλη του εἰς γενικὴν συνέλευσιν τὴν Κυριακήν. Ἐπίσης τὸ Ἐργατικὸν Κέντρον ἀνακοινοῖ ὅτι ἐπαναλαμβάνονται αἱ συγκεντρώσεις τῶν ἐργατικῶν σωματείων.

Ὁ σύλλογος τῶν ἐργατοτεχνιτῶν οἰκοδομῶν Θεσσαλονίκης καλεῖ τὰ μέλη του εἰς γενικὴν συνέλευσιν τὴν Κυριακήν. Ἐπίσης τὸ Ἐργατικὸν Κέντρον ἀνακοινοῖ ὅτι ἐπαναλαμβάνονται αἱ συγκεντρώσεις τῶν ἐργατικῶν σωματείων.

Ὁ σύλλογος τῶν ἐργατοτεχνιτῶν οἰκοδομῶν Θεσσαλονίκης καλεῖ τὰ μέλη του εἰς γενικὴν συνέλευσιν τὴν Κυριακήν. Ἐπίσης τὸ Ἐργατικὸν Κέντρον ἀνακοινοῖ ὅτι ἐπαναλαμβάνονται αἱ συγκεντρώσεις τῶν ἐργατικῶν σωματείων.

Ὁ σύλλογος τῶν ἐργατοτεχνιτῶν οἰκοδομῶν Θεσσαλονίκης καλεῖ τὰ μέλη του εἰς γενικὴν συνέλευσιν τὴν Κυριακήν. Ἐπίσης τὸ Ἐργατικὸν Κέντρον ἀνακοινοῖ ὅτι ἐπαναλαμβάνονται αἱ συγκεντρώσεις τῶν ἐργατικῶν σωματείων.

Ὁ σύλλογος τῶν ἐργατοτεχνιτῶν οἰκοδομῶν Θεσσαλονίκης καλεῖ τὰ μέλη του εἰς γενικὴν συνέλευσιν τὴν Κυριακήν. Ἐπίσης τὸ Ἐργατικὸν Κέντρον ἀνακοινοῖ ὅτι ἐπαναλαμβάνονται αἱ συγκεντρώσεις τῶν ἐργατικῶν σωματείων.

Ὁ σύλλογος τῶν ἐργατοτεχνιτῶν οἰκοδομῶν Θεσσαλονίκης καλεῖ τὰ μέλη του εἰς γενικὴν συνέλευσιν τὴν Κυριακήν. Ἐπίσης τὸ Ἐργατικὸν Κέντρον ἀνακοινοῖ ὅτι ἐπαναλαμβάνονται αἱ συγκεντρώσεις τῶν ἐργατικῶν σωματείων.

ΤΟ ΔΗΜΟΣΙΟΝ ΚΑΤΕΔΙΚΑΣΘΗ ΝΑ ΠΛΗΡΩΣΗ ΑΠΟΖΗΜΙΩΣΙΝ ΚΑΙ 1.600 ΔΡΑΧΜΑΣ ΜΗΝΙΑΙΩΣ ΕΦ' ΟΡΟΥ ΖΩΗΣ ΕΙΣ ΧΗΡΑΝ ΦΟΝΕΥΘΕΝΤΟΣ ΛΟΓΩ ΤΗΣ ΚΑΘΙΖΗΣΕΩΣ ΕΔΑΦΟΥΣ ΕΙΣ ΑΚΤΗΝ

ΑΘΗΝΑΙ, 15.— Τὸ Α΄ πολιτικὸν τμῆμα τοῦ Ἀρείου Πάγου διὰ δημοσιευθείσης ἀποφάσεώς του ἀπεφάνθη ὅτι τὸ Δημόσιον ὑποχρεοῦται νὰ καταβάλῃ εἰς τὴν χήραν τοῦ φονευθέντος ἐργάτου ἀποζημίωσιν καὶ μηνιαίαν σύνταξιν 1.600 δραχμῶν ἐφ᾽ ὅρου ζωῆς. Ὁ ἐργάτης εἶχε φονευθῆ κατόπιν καθιζήσεως τοῦ ἐδάφους κατὰ τὴν ἐκτέλεσιν δημοσίων ἔργων εἰς τὴν ἀκτήν.

Τὸ δικαστήριον ἔκρινεν ὅτι ὑπῆρξεν ἀμέλεια τῶν ὑπευθύνων τῆς ἐπιβλέψεως τοῦ ἔργου καὶ ὅτι δὲν ἐλήφθησαν τὰ ἀπαραίτητα μέτρα ἀσφαλείας τῶν ἐργαζομένων. Διὰ τῆς ἀποφάσεως ἀνεγνωρίσθη ἡ εὐθύνη τοῦ Δημοσίου διὰ τὸν θάνατον τοῦ ἐργάτου.

ΑΘΗΝΑΙ, 15.— Τὸ Α΄ πολιτικὸν τμῆμα τοῦ Ἀρείου Πάγου διὰ δημοσιευθείσης ἀποφάσεώς του ἀπεφάνθη ὅτι τὸ Δημόσιον ὑποχρεοῦται νὰ καταβάλῃ εἰς τὴν χήραν τοῦ φονευθέντος ἐργάτου ἀποζημίωσιν καὶ μηνιαίαν σύνταξιν 1.600 δραχμῶν ἐφ᾽ ὅρου ζωῆς. Ὁ ἐργάτης εἶχε φονευθῆ κατόπιν καθιζήσεως τοῦ ἐδάφους κατὰ τὴν ἐκτέλεσιν δημοσίων ἔργων εἰς τὴν ἀκτήν.

ΓΡΑΙΑ ΑΠΕΒΙΩΣΕΝ ΕΙΣ ΗΡΑΚΛΕΙΟΝ ΕΚ ΦΟΒΟΥ ΕΝΩ ΑΝΕΜΕΝΕΤΟ Η ΣΥΝΤΕΛΕΙΑ ΤΟΥ ΚΟΣΜΟΥ!
ΠΟΛΛΑ ΑΤΟΜΑ ΕΙΧΟΝ ΚΑΤΑΦΥΓΕΙ ΕΙΣ ΤΑ ΟΡΗ

ΗΡΑΚΛΕΙΟΝ, 15.— Ἡ εἴδησις περὶ ἐπικειμένης συντελείας τοῦ κόσμου, ἡ ὁποία διεδόθη εἰς τὰ χωρία τῆς ἐπαρχίας, προεκάλεσε πανικὸν μεταξὺ τῶν κατοίκων. Πολλοὶ ἐγκατέλειψαν τὰς οἰκίας των καὶ κατέφυγον εἰς τὰ ὄρη. Μία γραῖα ἀπεβίωσεν ἐκ τοῦ φόβου.

ΗΡΑΚΛΕΙΟΝ, 15.— Ἡ εἴδησις περὶ ἐπικειμένης συντελείας τοῦ κόσμου, ἡ ὁποία διεδόθη εἰς τὰ χωρία τῆς ἐπαρχίας, προεκάλεσε πανικὸν μεταξὺ τῶν κατοίκων. Πολλοὶ ἐγκατέλειψαν τὰς οἰκίας των καὶ κατέφυγον εἰς τὰ ὄρη. Μία γραῖα ἀπεβίωσεν ἐκ τοῦ φόβου.

ΜΙΣΘΟΛΟΓΙΚΑΙ ΒΕΛΤΙΩΣΕΙΣ ΛΟΓΩ ΠΟΛΥΕΤΟΥΣ ΥΠΗΡΕΣΙΑΣ ΤΩΝ ΟΡΓΑΝΩΝ ΧΩΡΟΦΥΛΑΚΗΣ ΚΑΙ ΠΥΡΟΣΒΕΣΤΩΝ

ΑΘΗΝΑΙ, 15.— Ἀπεφασίσθη ἡ χορήγησις μισθολογικῶν βελτιώσεων εἰς τὰ ὄργανα τῆς Χωροφυλακῆς καὶ τοῦ Πυροσβεστικοῦ Σώματος, τὰ ὁποῖα ἔχουν συμπληρώσει πολυετῆ ὑπηρεσίαν.

ΑΘΗΝΑΙ, 15.— Ἀπεφασίσθη ἡ χορήγησις μισθολογικῶν βελτιώσεων εἰς τὰ ὄργανα τῆς Χωροφυλακῆς καὶ τοῦ Πυροσβεστικοῦ Σώματος, τὰ ὁποῖα ἔχουν συμπληρώσει πολυετῆ ὑπηρεσίαν.

ΑΦΙΚΕΤΟ Ο ΥΦΥΠΟΥΡΓΟΣ ΤΟΥ ΕΜΠΟΡΙΟΥ ΚΑΙ ΕΠΕΣΚΕΦΘΗ ΤΗΝ ΝΑΟΥΣΑΝ ΚΑΙ ΣΚΥΔΡΑΝ

ΝΑΟΥΣΑ, 15.— Ἀφίκετο ἐνταῦθα ὁ ὑφυπουργὸς τοῦ Ἐμπορίου, ὁ ὁποῖος ἐπεσκέφθη τὰ ἐργοστάσια τῆς πόλεως καὶ συνεζήτησε μετὰ τῶν βιομηχάνων τὰ προβλήματα τῆς περιοχῆς. Ἐν συνεχείᾳ μετέβη εἰς τὴν Σκύδραν.

ΝΑΟΥΣΑ, 15.— Ἀφίκετο ἐνταῦθα ὁ ὑφυπουργὸς τοῦ Ἐμπορίου, ὁ ὁποῖος ἐπεσκέφθη τὰ ἐργοστάσια τῆς πόλεως καὶ συνεζήτησε μετὰ τῶν βιομηχάνων τὰ προβλήματα τῆς περιοχῆς. Ἐν συνεχείᾳ μετέβη εἰς τὴν Σκύδραν.

ΝΑΟΥΣΑ, 15.— Ἀφίκετο ἐνταῦθα ὁ ὑφυπουργὸς τοῦ Ἐμπορίου, ὁ ὁποῖος ἐπεσκέφθη τὰ ἐργοστάσια τῆς πόλεως καὶ συνεζήτησε μετὰ τῶν βιομηχάνων τὰ προβλήματα τῆς περιοχῆς. Ἐν συνεχείᾳ μετέβη εἰς τὴν Σκύδραν.

ΤΙ ΣΥΝΕΣΩΡΕΥΣΑΝ ΟΙ ΦΙΛΟΙ ΤΟΥ ΜΕΝΤΕΡΕΣ

ΑΓΚΥΡΑ, 15 (Ἰδ.).— Ἐκ τῶν ἀνακρίσεων τῆς ἐξεταστικῆς ἐπιτροπῆς προκύπτει ὅτι οἱ φίλοι τοῦ πρώην πρωθυπουργοῦ εἶχον συσσωρεύσει μεγάλας περιουσίας. Εἰς τὰς καταθέσεις τῶν τραπεζῶν εὑρέθησαν σημαντικὰ ποσά, ἐνῷ κατεσχέθησαν ἀκίνητα καὶ ἐπιχειρήσεις.

ΑΓΚΥΡΑ, 15 (Ἰδ.).— Ἐκ τῶν ἀνακρίσεων τῆς ἐξεταστικῆς ἐπιτροπῆς προκύπτει ὅτι οἱ φίλοι τοῦ πρώην πρωθυπουργοῦ εἶχον συσσωρεύσει μεγάλας περιουσίας. Εἰς τὰς καταθέσεις τῶν τραπεζῶν εὑρέθησαν σημαντικὰ ποσά, ἐνῷ κατεσχέθησαν ἀκίνητα καὶ ἐπιχειρήσεις.

ΑΓΚΥΡΑ, 15 (Ἰδ.).— Ἐκ τῶν ἀνακρίσεων τῆς ἐξεταστικῆς ἐπιτροπῆς προκύπτει ὅτι οἱ φίλοι τοῦ πρώην πρωθυπουργοῦ εἶχον συσσωρεύσει μεγάλας περιουσίας. Εἰς τὰς καταθέσεις τῶν τραπεζῶν εὑρέθησαν σημαντικὰ ποσά, ἐνῷ κατεσχέθησαν ἀκίνητα καὶ ἐπιχειρήσεις.

Περισσότερο άπό άπλός έπιβάτης;
Βεβαίως διά την KLM είσθε μιά προσωπικότης!
Τί ένοεΐ αύτό κατά τρόπο έξυπηρέτησι;
Ασφαλώς, 100% με την γνωστή Ολλανδική ακρίβεια!
Καλύτερο τροφή;
Ότι καλύτερο, ειδικώς για καλοφαγάδες!
Καί τό άεροπορικόν δίκτυον της KLM;
Έξυπηρετεΐ 74 χώρες σε όλας της ηπείρους!
Ή Οικονομική Θέσις;
Μάλιστα όπως καί ή SLEEP AIR αναπαυτική σαν κρεββάτι!
Σάν καλά να είναι...
Ασφαλώς - γι΄αυτό ταξειδεύετε με την KLM.
Ζητήσατε πληροφορίες άπό τά Πρακτορεία Ταξιδίων της άρεσκείας σας ή τηλεφωνήσατε εις τά γραφεία της KLM Πλατεία Συντάγματος Τηλ. 30.756 - 7 - 8
♛
KLM
ROYAL DUTCH AIRLINES
γκρέκα
